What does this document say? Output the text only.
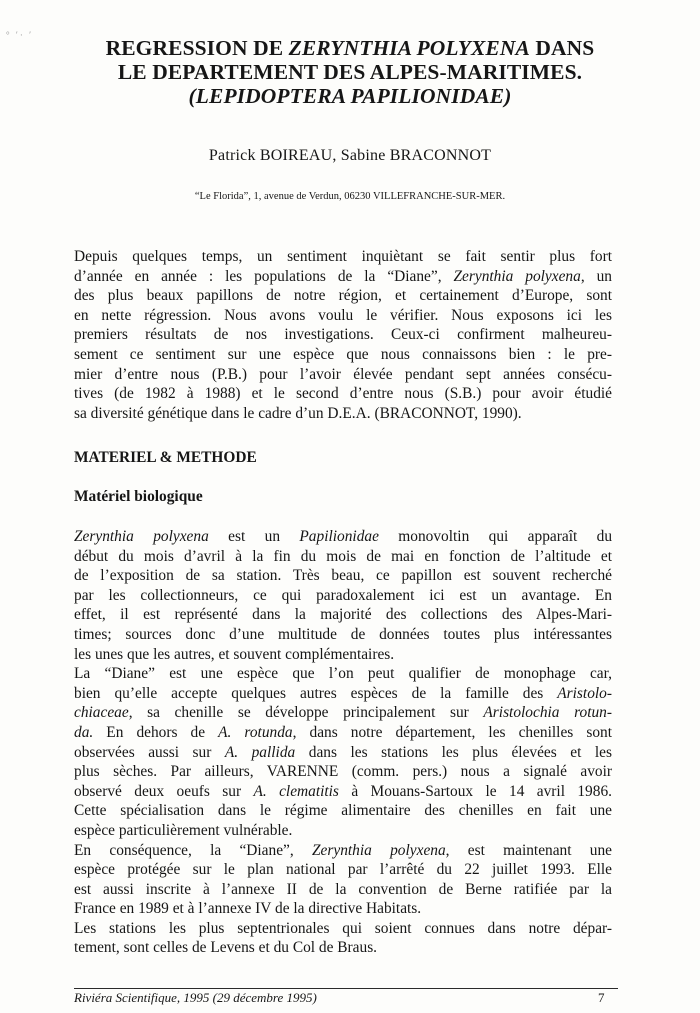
° ′· ′
REGRESSION DE ZERYNTHIA POLYXENA DANS
LE DEPARTEMENT DES ALPES-MARITIMES.
(LEPIDOPTERA PAPILIONIDAE)
Patrick BOIREAU, Sabine BRACONNOT
“Le Florida”, 1, avenue de Verdun, 06230 VILLEFRANCHE-SUR-MER.
Depuis quelques temps, un sentiment inquiètant se fait sentir plus fort
d’année en année : les populations de la “Diane”, Zerynthia polyxena, un
des plus beaux papillons de notre région, et certainement d’Europe, sont
en nette régression. Nous avons voulu le vérifier. Nous exposons ici les
premiers résultats de nos investigations. Ceux-ci confirment malheureu-
sement ce sentiment sur une espèce que nous connaissons bien : le pre-
mier d’entre nous (P.B.) pour l’avoir élevée pendant sept années consécu-
tives (de 1982 à 1988) et le second d’entre nous (S.B.) pour avoir étudié
sa diversité génétique dans le cadre d’un D.E.A. (BRACONNOT, 1990).
MATERIEL & METHODE
Matériel biologique
Zerynthia polyxena est un Papilionidae monovoltin qui apparaît du
début du mois d’avril à la fin du mois de mai en fonction de l’altitude et
de l’exposition de sa station. Très beau, ce papillon est souvent recherché
par les collectionneurs, ce qui paradoxalement ici est un avantage. En
effet, il est représenté dans la majorité des collections des Alpes-Mari-
times; sources donc d’une multitude de données toutes plus intéressantes
les unes que les autres, et souvent complémentaires.
La “Diane” est une espèce que l’on peut qualifier de monophage car,
bien qu’elle accepte quelques autres espèces de la famille des Aristolo-
chiaceae, sa chenille se développe principalement sur Aristolochia rotun-
da. En dehors de A. rotunda, dans notre département, les chenilles sont
observées aussi sur A. pallida dans les stations les plus élevées et les
plus sèches. Par ailleurs, VARENNE (comm. pers.) nous a signalé avoir
observé deux oeufs sur A. clematitis à Mouans-Sartoux le 14 avril 1986.
Cette spécialisation dans le régime alimentaire des chenilles en fait une
espèce particulièrement vulnérable.
En conséquence, la “Diane”, Zerynthia polyxena, est maintenant une
espèce protégée sur le plan national par l’arrêté du 22 juillet 1993. Elle
est aussi inscrite à l’annexe II de la convention de Berne ratifiée par la
France en 1989 et à l’annexe IV de la directive Habitats.
Les stations les plus septentrionales qui soient connues dans notre dépar-
tement, sont celles de Levens et du Col de Braus.
Riviéra Scientifique, 1995 (29 décembre 1995)	7
